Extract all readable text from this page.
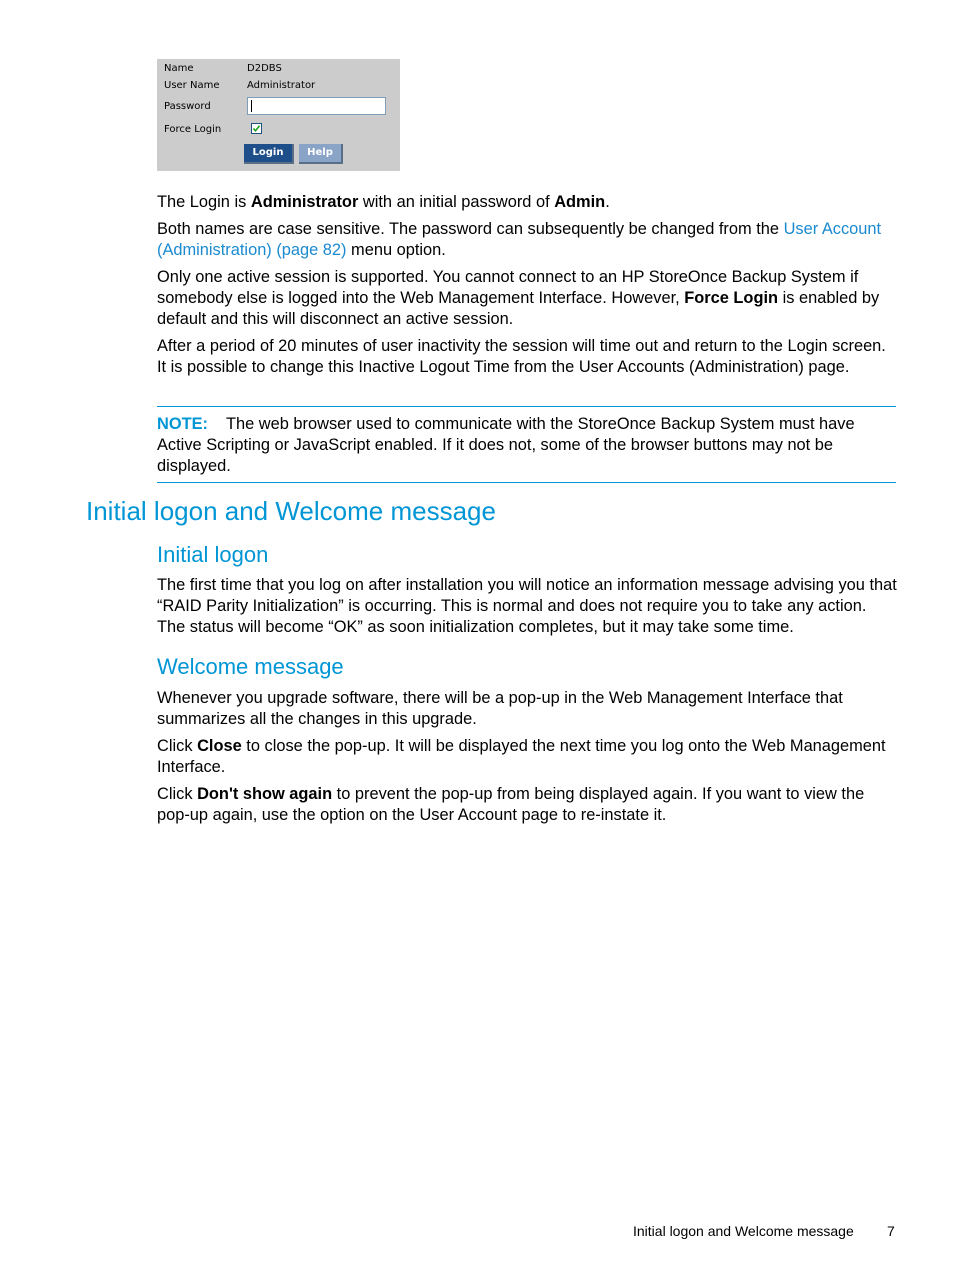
Name	D2DBS
User Name	Administrator
Password
Force Login
Login	Help
The Login is Administrator with an initial password of Admin.
Both names are case sensitive. The password can subsequently be changed from the User Account (Administration) (page 82) menu option.
Only one active session is supported. You cannot connect to an HP StoreOnce Backup System if somebody else is logged into the Web Management Interface. However, Force Login is enabled by default and this will disconnect an active session.
After a period of 20 minutes of user inactivity the session will time out and return to the Login screen. It is possible to change this Inactive Logout Time from the User Accounts (Administration) page.
NOTE: The web browser used to communicate with the StoreOnce Backup System must have Active Scripting or JavaScript enabled. If it does not, some of the browser buttons may not be displayed.
Initial logon and Welcome message
Initial logon
The first time that you log on after installation you will notice an information message advising you that “RAID Parity Initialization” is occurring. This is normal and does not require you to take any action. The status will become “OK” as soon initialization completes, but it may take some time.
Welcome message
Whenever you upgrade software, there will be a pop-up in the Web Management Interface that summarizes all the changes in this upgrade.
Click Close to close the pop-up. It will be displayed the next time you log onto the Web Management Interface.
Click Don't show again to prevent the pop-up from being displayed again. If you want to view the pop-up again, use the option on the User Account page to re-instate it.
Initial logon and Welcome message 7
